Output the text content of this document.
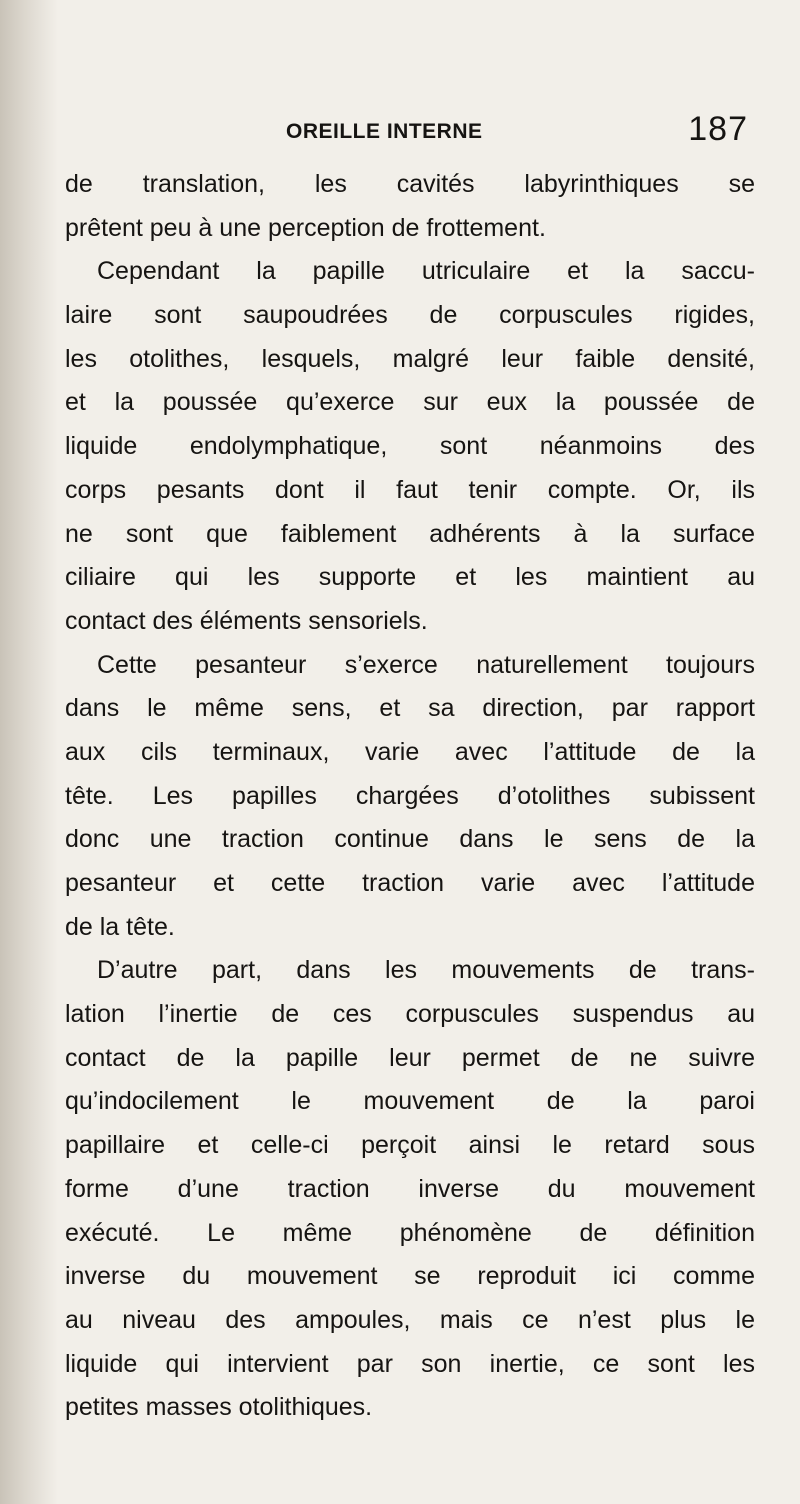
OREILLE INTERNE	187
de translation, les cavités labyrinthiques se
prêtent peu à une perception de frottement.
Cependant la papille utriculaire et la saccu-
laire sont saupoudrées de corpuscules rigides,
les otolithes, lesquels, malgré leur faible densité,
et la poussée qu’exerce sur eux la poussée de
liquide endolymphatique, sont néanmoins des
corps pesants dont il faut tenir compte. Or, ils
ne sont que faiblement adhérents à la surface
ciliaire qui les supporte et les maintient au
contact des éléments sensoriels.
Cette pesanteur s’exerce naturellement toujours
dans le même sens, et sa direction, par rapport
aux cils terminaux, varie avec l’attitude de la
tête. Les papilles chargées d’otolithes subissent
donc une traction continue dans le sens de la
pesanteur et cette traction varie avec l’attitude
de la tête.
D’autre part, dans les mouvements de trans-
lation l’inertie de ces corpuscules suspendus au
contact de la papille leur permet de ne suivre
qu’indocilement le mouvement de la paroi
papillaire et celle-ci perçoit ainsi le retard sous
forme d’une traction inverse du mouvement
exécuté. Le même phénomène de définition
inverse du mouvement se reproduit ici comme
au niveau des ampoules, mais ce n’est plus le
liquide qui intervient par son inertie, ce sont les
petites masses otolithiques.
